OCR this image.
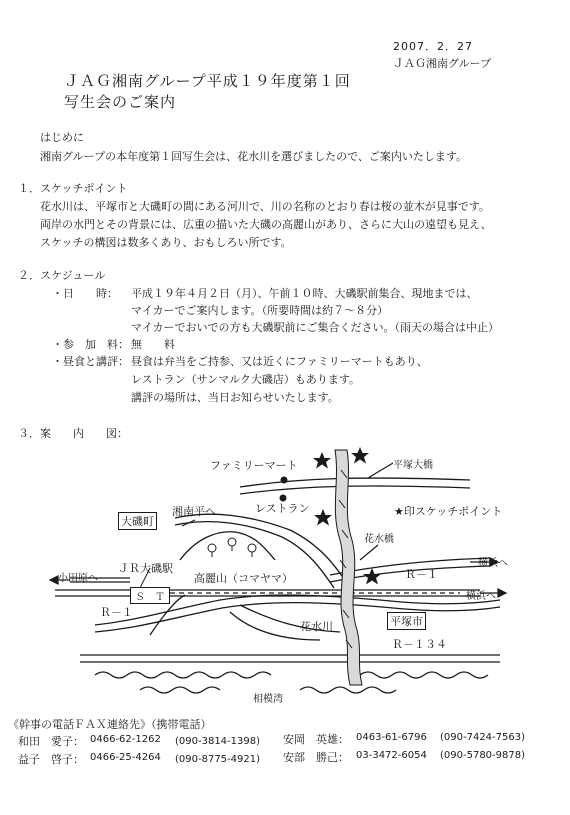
2007．2．27
ＪＡＧ湘南グループ
ＪＡＧ湘南グループ平成１９年度第１回
写生会のご案内
はじめに
湘南グループの本年度第１回写生会は、花水川を選びましたので、ご案内いたします。
１．スケッチポイント
花水川は、平塚市と大磯町の間にある河川で、川の名称のとおり春は桜の並木が見事です。
両岸の水門とその背景には、広重の描いた大磯の高麗山があり、さらに大山の遠望も見え、
スケッチの構図は数多くあり、おもしろい所です。
２．スケジュール
・日　　時： 平成１９年４月２日（月）、午前１０時、大磯駅前集合、現地までは、
マイカーでご案内します。（所要時間は約７～８分）
マイカーでおいでの方も大磯駅前にご集合ください。（雨天の場合は中止）
・参　加　料： 無　　料
・昼食と講評： 昼食は弁当をご持参、又は近くにファミリーマートもあり、
レストラン（サンマルク大磯店）もあります。
講評の場所は、当日お知らせいたします。
３．案　　内　　図：
ファミリーマート	平塚大橋
湘南平へ	レストラン	★印スケッチポイント
大磯町
花水橋
横浜へ
小田原へ
ＪＲ大磯駅
高麗山（コマヤマ）	Ｒ－１
Ｓ　Ｔ	横浜へ
Ｒ－１
平塚市
花水川
Ｒ－１３４
相模湾
《幹事の電話ＦＡＸ連絡先》（携帯電話）
和田　愛子： 0466-62-1262 (090-3814-1398)
益子　啓子： 0466-25-4264 (090-8775-4921)
安岡　英雄： 0463-61-6796 (090-7424-7563)
安部　勝己： 03-3472-6054 (090-5780-9878)
